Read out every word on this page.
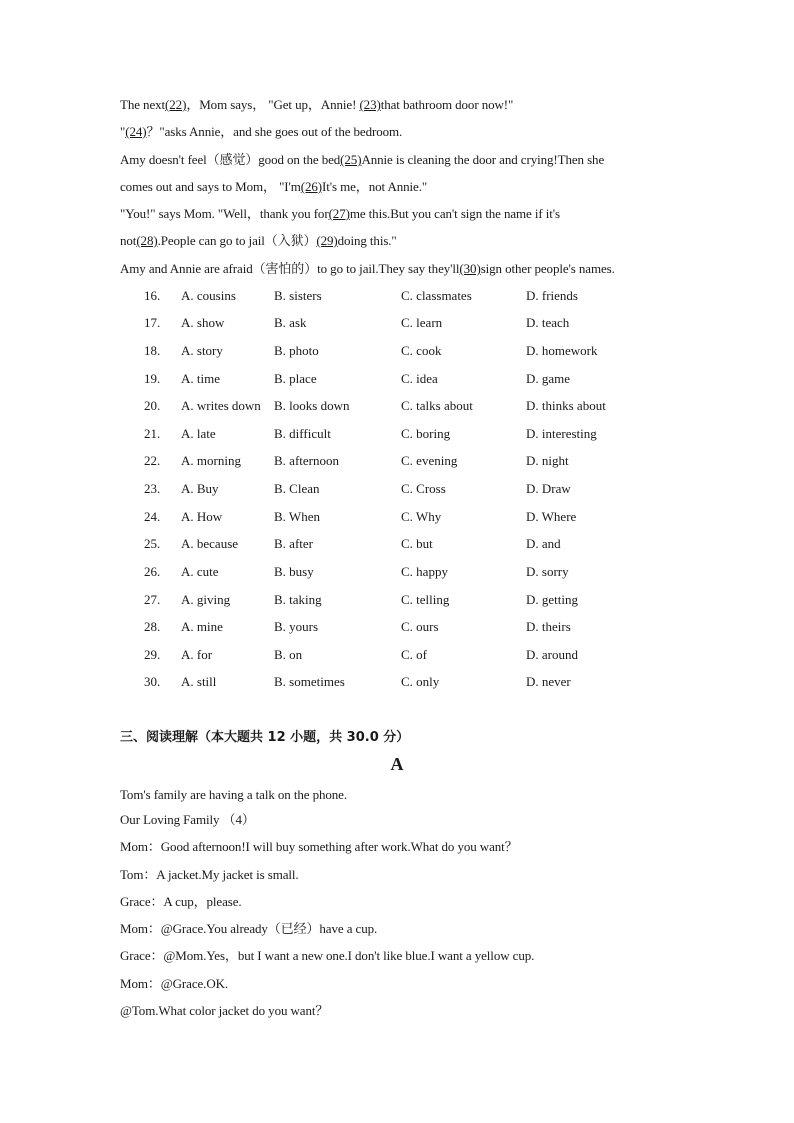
The next(22)，Mom says， "Get up，Annie! (23)that bathroom door now!"
"(24)？"asks Annie，and she goes out of the bedroom.
Amy doesn't feel（感觉）good on the bed(25)Annie is cleaning the door and crying!Then she
comes out and says to Mom， "I'm(26)It's me，not Annie."
"You!" says Mom. "Well，thank you for(27)me this.But you can't sign the name if it's
not(28).People can go to jail（入狱）(29)doing this."
Amy and Annie are afraid（害怕的）to go to jail.They say they'll(30)sign other people's names.
16. A. cousins	B. sisters	C. classmates	D. friends
17. A. show	B. ask	C. learn	D. teach
18. A. story	B. photo	C. cook	D. homework
19. A. time	B. place	C. idea	D. game
20. A. writes down B. looks down	C. talks about	D. thinks about
21. A. late	B. difficult	C. boring	D. interesting
22. A. morning	B. afternoon	C. evening	D. night
23. A. Buy	B. Clean	C. Cross	D. Draw
24. A. How	B. When	C. Why	D. Where
25. A. because	B. after	C. but	D. and
26. A. cute	B. busy	C. happy	D. sorry
27. A. giving	B. taking	C. telling	D. getting
28. A. mine	B. yours	C. ours	D. theirs
29. A. for	B. on	C. of	D. around
30. A. still	B. sometimes	C. only	D. never
三、阅读理解（本大题共 12 小题，共 30.0 分）
A
Tom's family are having a talk on the phone.
Our Loving Family （4）
Mom：Good afternoon!I will buy something after work.What do you want？
Tom：A jacket.My jacket is small.
Grace：A cup，please.
Mom：@Grace.You already（已经）have a cup.
Grace：@Mom.Yes，but I want a new one.I don't like blue.I want a yellow cup.
Mom：@Grace.OK.
@Tom.What color jacket do you want？
